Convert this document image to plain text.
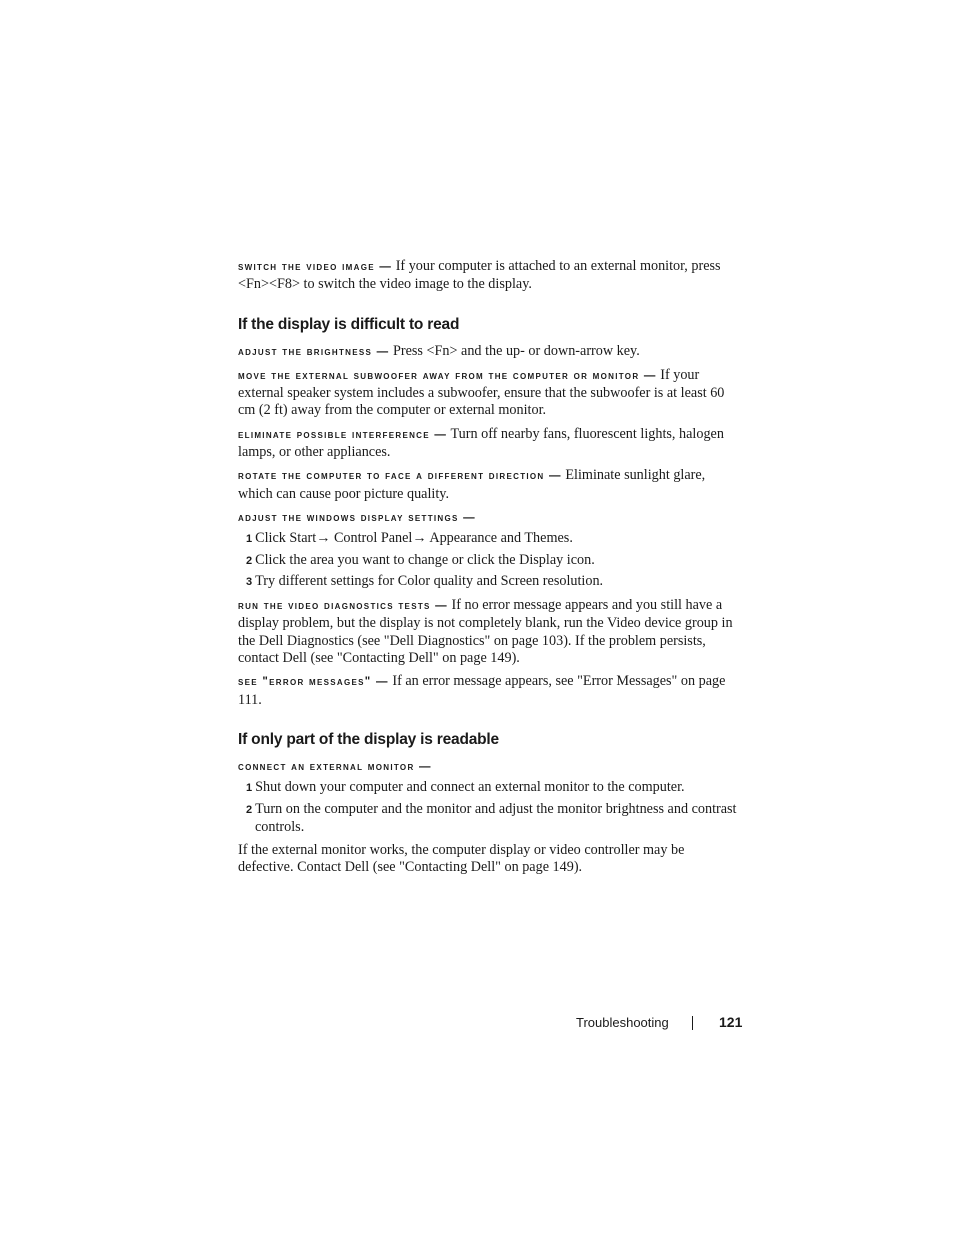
switch the video image — If your computer is attached to an external monitor, press <Fn><F8> to switch the video image to the display.

If the display is difficult to read

adjust the brightness — Press <Fn> and the up- or down-arrow key.

move the external subwoofer away from the computer or monitor — If your external speaker system includes a subwoofer, ensure that the subwoofer is at least 60 cm (2 ft) away from the computer or external monitor.

eliminate possible interference — Turn off nearby fans, fluorescent lights, halogen lamps, or other appliances.

rotate the computer to face a different direction — Eliminate sunlight glare, which can cause poor picture quality.

adjust the windows display settings —

1 Click Start→ Control Panel→ Appearance and Themes.
2 Click the area you want to change or click the Display icon.
3 Try different settings for Color quality and Screen resolution.

run the video diagnostics tests — If no error message appears and you still have a display problem, but the display is not completely blank, run the Video device group in the Dell Diagnostics (see "Dell Diagnostics" on page 103). If the problem persists, contact Dell (see "Contacting Dell" on page 149).

see "error messages" — If an error message appears, see "Error Messages" on page 111.

If only part of the display is readable

connect an external monitor —

1 Shut down your computer and connect an external monitor to the computer.
2 Turn on the computer and the monitor and adjust the monitor brightness and contrast controls.

If the external monitor works, the computer display or video controller may be defective. Contact Dell (see "Contacting Dell" on page 149).

Troubleshooting	121
